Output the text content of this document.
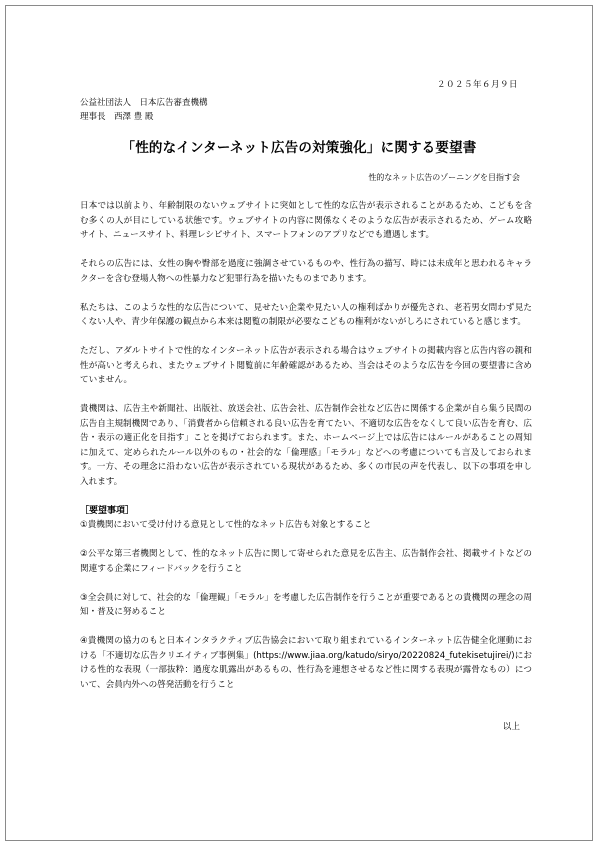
２０２５年６月９日
公益社団法人　日本広告審査機構
理事長　西澤 豊 殿
「性的なインターネット広告の対策強化」に関する要望書
性的なネット広告のゾーニングを目指す会

日本では以前より、年齢制限のないウェブサイトに突如として性的な広告が表示されることがあるため、こどもを含む多くの人が目にしている状態です。ウェブサイトの内容に関係なくそのような広告が表示されるため、ゲーム攻略サイト、ニュースサイト、料理レシピサイト、スマートフォンのアプリなどでも遭遇します。

それらの広告には、女性の胸や臀部を過度に強調させているものや、性行為の描写、時には未成年と思われるキャラクターを含む登場人物への性暴力など犯罪行為を描いたものまであります。

私たちは、このような性的な広告について、見せたい企業や見たい人の権利ばかりが優先され、老若男女問わず見たくない人や、青少年保護の観点から本来は閲覧の制限が必要なこどもの権利がないがしろにされていると感じます。

ただし、アダルトサイトで性的なインターネット広告が表示される場合はウェブサイトの掲載内容と広告内容の親和性が高いと考えられ、またウェブサイト閲覧前に年齢確認があるため、当会はそのような広告を今回の要望書に含めていません。

貴機関は、広告主や新聞社、出版社、放送会社、広告会社、広告制作会社など広告に関係する企業が自ら集う民間の広告自主規制機関であり、「消費者から信頼される良い広告を育てたい、不適切な広告をなくして良い広告を育む、広告・表示の適正化を目指す」ことを掲げておられます。また、ホームページ上では広告にはルールがあることの周知に加えて、定められたルール以外のもの・社会的な「倫理感」「モラル」などへの考慮についても言及しておられます。一方、その理念に沿わない広告が表示されている現状があるため、多くの市民の声を代表し、以下の事項を申し入れます。

［要望事項］

①貴機関において受け付ける意見として性的なネット広告も対象とすること

②公平な第三者機関として、性的なネット広告に関して寄せられた意見を広告主、広告制作会社、掲載サイトなどの関連する企業にフィードバックを行うこと

③全会員に対して、社会的な「倫理観」「モラル」を考慮した広告制作を行うことが重要であるとの貴機関の理念の周知・普及に努めること

④貴機関の協力のもと日本インタラクティブ広告協会において取り組まれているインターネット広告健全化運動における「不適切な広告クリエイティブ事例集」(https://www.jiaa.org/katudo/siryo/20220824_futekisetujirei/)における性的な表現（一部抜粋：過度な肌露出があるもの、性行為を連想させるなど性に関する表現が露骨なもの）について、会員内外への啓発活動を行うこと

以上
